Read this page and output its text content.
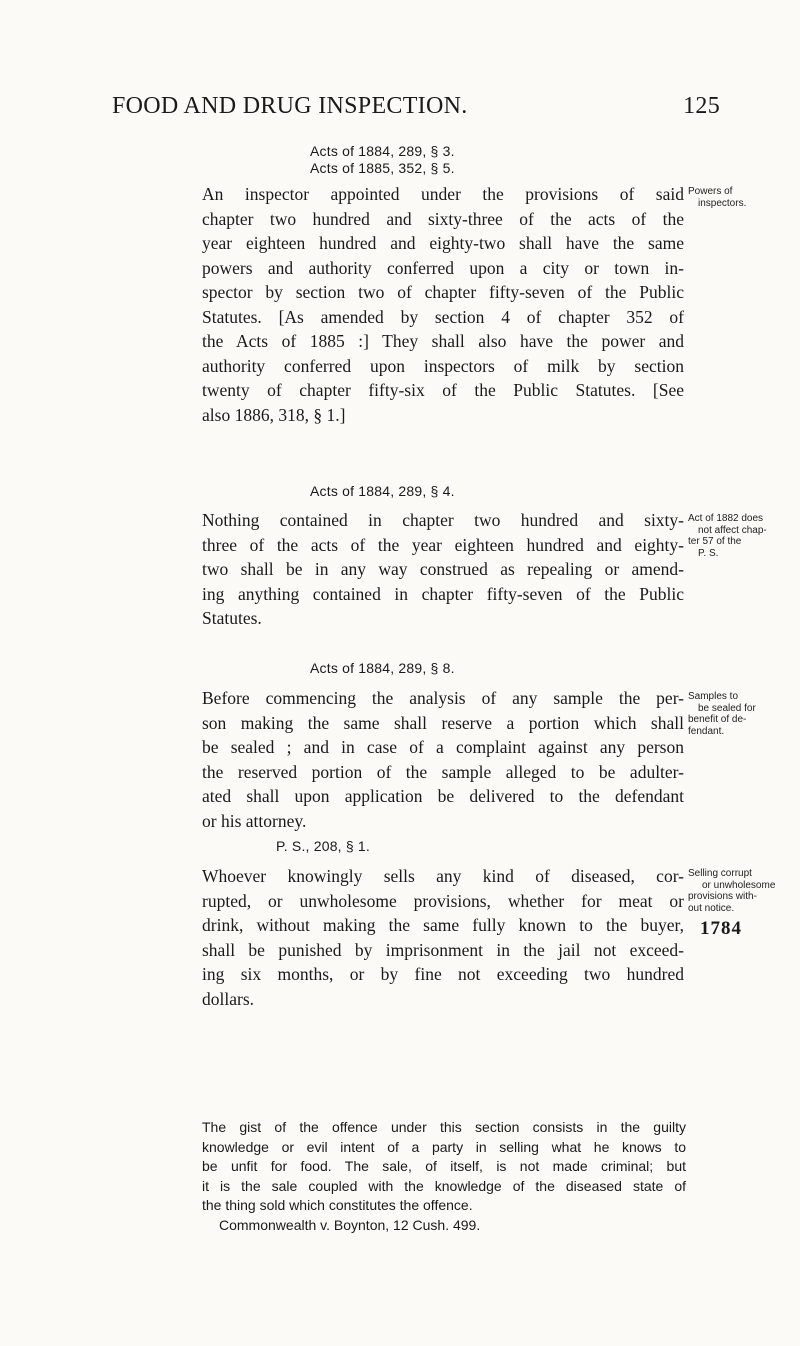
FOOD AND DRUG INSPECTION.	125
Acts of 1884, 289, § 3.
Acts of 1885, 352, § 5.
An inspector appointed under the provisions of said
chapter two hundred and sixty-three of the acts of the
year eighteen hundred and eighty-two shall have the same
powers and authority conferred upon a city or town in-
spector by section two of chapter fifty-seven of the Public
Statutes. [As amended by section 4 of chapter 352 of
the Acts of 1885 :] They shall also have the power and
authority conferred upon inspectors of milk by section
twenty of chapter fifty-six of the Public Statutes. [See
also 1886, 318, § 1.]
Powers of
inspectors.
Acts of 1884, 289, § 4.
Nothing contained in chapter two hundred and sixty-
three of the acts of the year eighteen hundred and eighty-
two shall be in any way construed as repealing or amend-
ing anything contained in chapter fifty-seven of the Public
Statutes.
Act of 1882 does
not affect chap-
ter 57 of the
P. S.
Acts of 1884, 289, § 8.
Before commencing the analysis of any sample the per-
son making the same shall reserve a portion which shall
be sealed ; and in case of a complaint against any person
the reserved portion of the sample alleged to be adulter-
ated shall upon application be delivered to the defendant
or his attorney.
Samples to
be sealed for
benefit of de-
fendant.
P. S., 208, § 1.
Whoever knowingly sells any kind of diseased, cor-
rupted, or unwholesome provisions, whether for meat or
drink, without making the same fully known to the buyer,
shall be punished by imprisonment in the jail not exceed-
ing six months, or by fine not exceeding two hundred
dollars.
Selling corrupt
or unwholesome
provisions with-
out notice.
1784
The gist of the offence under this section consists in the guilty
knowledge or evil intent of a party in selling what he knows to
be unfit for food. The sale, of itself, is not made criminal; but
it is the sale coupled with the knowledge of the diseased state of
the thing sold which constitutes the offence.
Commonwealth v. Boynton, 12 Cush. 499.
